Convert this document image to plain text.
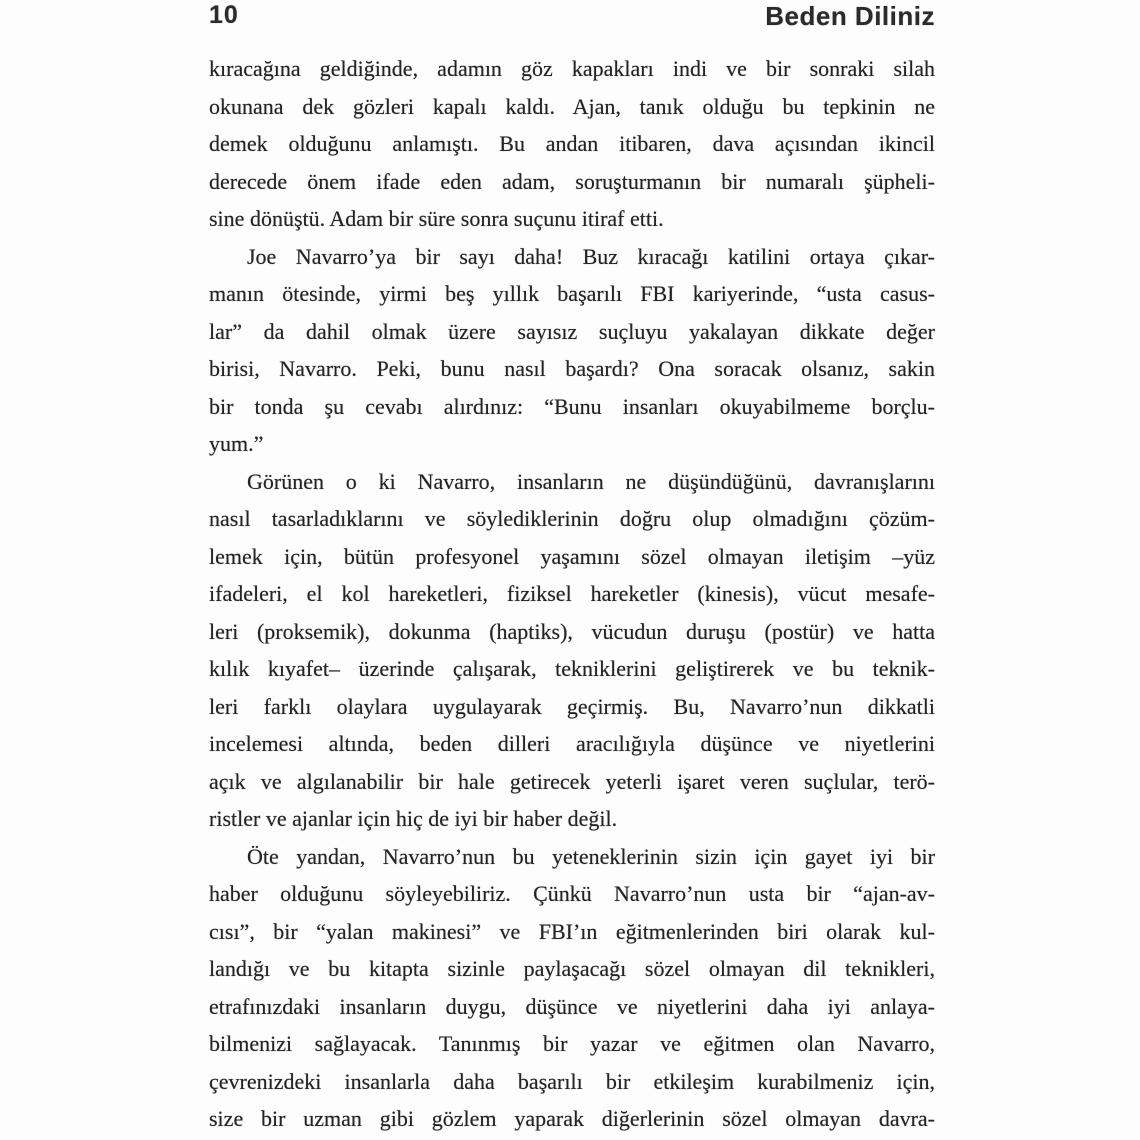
10	Beden Diliniz
kıracağına geldiğinde, adamın göz kapakları indi ve bir sonraki silah
okunana dek gözleri kapalı kaldı. Ajan, tanık olduğu bu tepkinin ne
demek olduğunu anlamıştı. Bu andan itibaren, dava açısından ikincil
derecede önem ifade eden adam, soruşturmanın bir numaralı şüpheli-
sine dönüştü. Adam bir süre sonra suçunu itiraf etti.
Joe Navarro’ya bir sayı daha! Buz kıracağı katilini ortaya çıkar-
manın ötesinde, yirmi beş yıllık başarılı FBI kariyerinde, “usta casus-
lar” da dahil olmak üzere sayısız suçluyu yakalayan dikkate değer
birisi, Navarro. Peki, bunu nasıl başardı? Ona soracak olsanız, sakin
bir tonda şu cevabı alırdınız: “Bunu insanları okuyabilmeme borçlu-
yum.”
Görünen o ki Navarro, insanların ne düşündüğünü, davranışlarını
nasıl tasarladıklarını ve söylediklerinin doğru olup olmadığını çözüm-
lemek için, bütün profesyonel yaşamını sözel olmayan iletişim –yüz
ifadeleri, el kol hareketleri, fiziksel hareketler (kinesis), vücut mesafe-
leri (proksemik), dokunma (haptiks), vücudun duruşu (postür) ve hatta
kılık kıyafet– üzerinde çalışarak, tekniklerini geliştirerek ve bu teknik-
leri farklı olaylara uygulayarak geçirmiş. Bu, Navarro’nun dikkatli
incelemesi altında, beden dilleri aracılığıyla düşünce ve niyetlerini
açık ve algılanabilir bir hale getirecek yeterli işaret veren suçlular, terö-
ristler ve ajanlar için hiç de iyi bir haber değil.
Öte yandan, Navarro’nun bu yeteneklerinin sizin için gayet iyi bir
haber olduğunu söyleyebiliriz. Çünkü Navarro’nun usta bir “ajan-av-
cısı”, bir “yalan makinesi” ve FBI’ın eğitmenlerinden biri olarak kul-
landığı ve bu kitapta sizinle paylaşacağı sözel olmayan dil teknikleri,
etrafınızdaki insanların duygu, düşünce ve niyetlerini daha iyi anlaya-
bilmenizi sağlayacak. Tanınmış bir yazar ve eğitmen olan Navarro,
çevrenizdeki insanlarla daha başarılı bir etkileşim kurabilmeniz için,
size bir uzman gibi gözlem yaparak diğerlerinin sözel olmayan davra-
